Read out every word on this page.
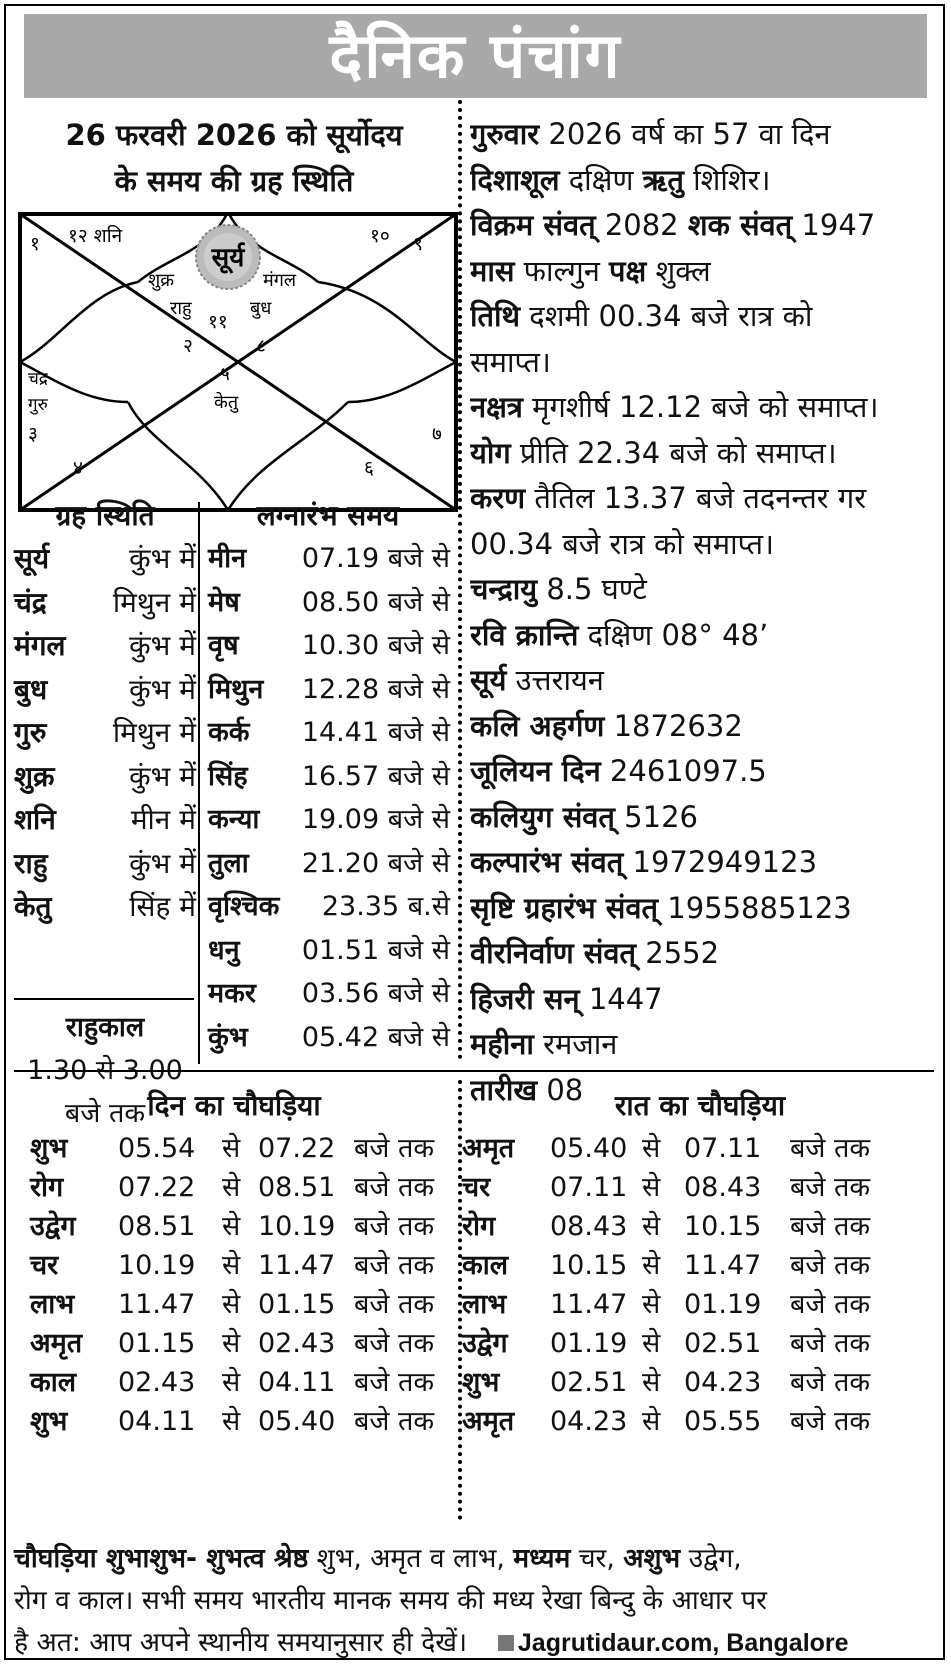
दैनिक पंचांग
26 फरवरी 2026 को सूर्योदय
के समय की ग्रह स्थिति
सूर्य
१२ शनि	१० ९
१
शुक्र	मंगल
राहु	बुध
११
२	८
५
चंद्र
गुरु	केतु
३	७
४	६
गुरुवार 2026 वर्ष का 57 वा दिन
दिशाशूल दक्षिण ऋतु शिशिर।
विक्रम संवत् 2082 शक संवत् 1947
मास फाल्गुन पक्ष शुक्ल
तिथि दशमी 00.34 बजे रात्र को
समाप्त।
नक्षत्र मृगशीर्ष 12.12 बजे को समाप्त।
योग प्रीति 22.34 बजे को समाप्त।
करण तैतिल 13.37 बजे तदनन्तर गर
00.34 बजे रात्र को समाप्त।
चन्द्रायु 8.5 घण्टे
रवि क्रान्ति दक्षिण 08° 48’
सूर्य उत्तरायन
कलि अहर्गण 1872632
जूलियन दिन 2461097.5
कलियुग संवत् 5126
कल्पारंभ संवत् 1972949123
सृष्टि ग्रहारंभ संवत् 1955885123
वीरनिर्वाण संवत् 2552
हिजरी सन् 1447
महीना रमजान
तारीख 08
ग्रह स्थिति	लग्नारंभ समय
सूर्य	कुंभ में
चंद्र मिथुन में
मंगल कुंभ में
बुध	कुंभ में
गुरु मिथुन में
शुक्र	कुंभ में
शनि	मीन में
राहु	कुंभ में
केतु	सिंह में
मीन 07.19 बजे से
मेष 08.50 बजे से
वृष 10.30 बजे से
मिथुन 12.28 बजे से
कर्क 14.41 बजे से
सिंह 16.57 बजे से
कन्या 19.09 बजे से
तुला 21.20 बजे से
वृश्चिक 23.35 ब.से
धनु 01.51 बजे से
मकर 03.56 बजे से
कुंभ 05.42 बजे से
राहुकाल
1.30 से 3.00
बजे तक दिन का चौघड़िया	रात का चौघड़िया
शुभ 05.54 से 07.22 बजे तक
रोग 07.22 से 08.51 बजे तक
उद्वेग 08.51 से 10.19 बजे तक
चर 10.19 से 11.47 बजे तक
लाभ 11.47 से 01.15 बजे तक
अमृत 01.15 से 02.43 बजे तक
काल 02.43 से 04.11 बजे तक
शुभ 04.11 से 05.40 बजे तक
अमृत 05.40 से 07.11 बजे तक
चर 07.11 से 08.43 बजे तक
रोग 08.43 से 10.15 बजे तक
काल 10.15 से 11.47 बजे तक
लाभ 11.47 से 01.19 बजे तक
उद्वेग 01.19 से 02.51 बजे तक
शुभ 02.51 से 04.23 बजे तक
अमृत 04.23 से 05.55 बजे तक
चौघड़िया शुभाशुभ- शुभत्व श्रेष्ठ शुभ, अमृत व लाभ, मध्यम चर, अशुभ उद्वेग,
रोग व काल। सभी समय भारतीय मानक समय की मध्य रेखा बिन्दु के आधार पर
है अत: आप अपने स्थानीय समयानुसार ही देखें। Jagrutidaur.com, Bangalore
